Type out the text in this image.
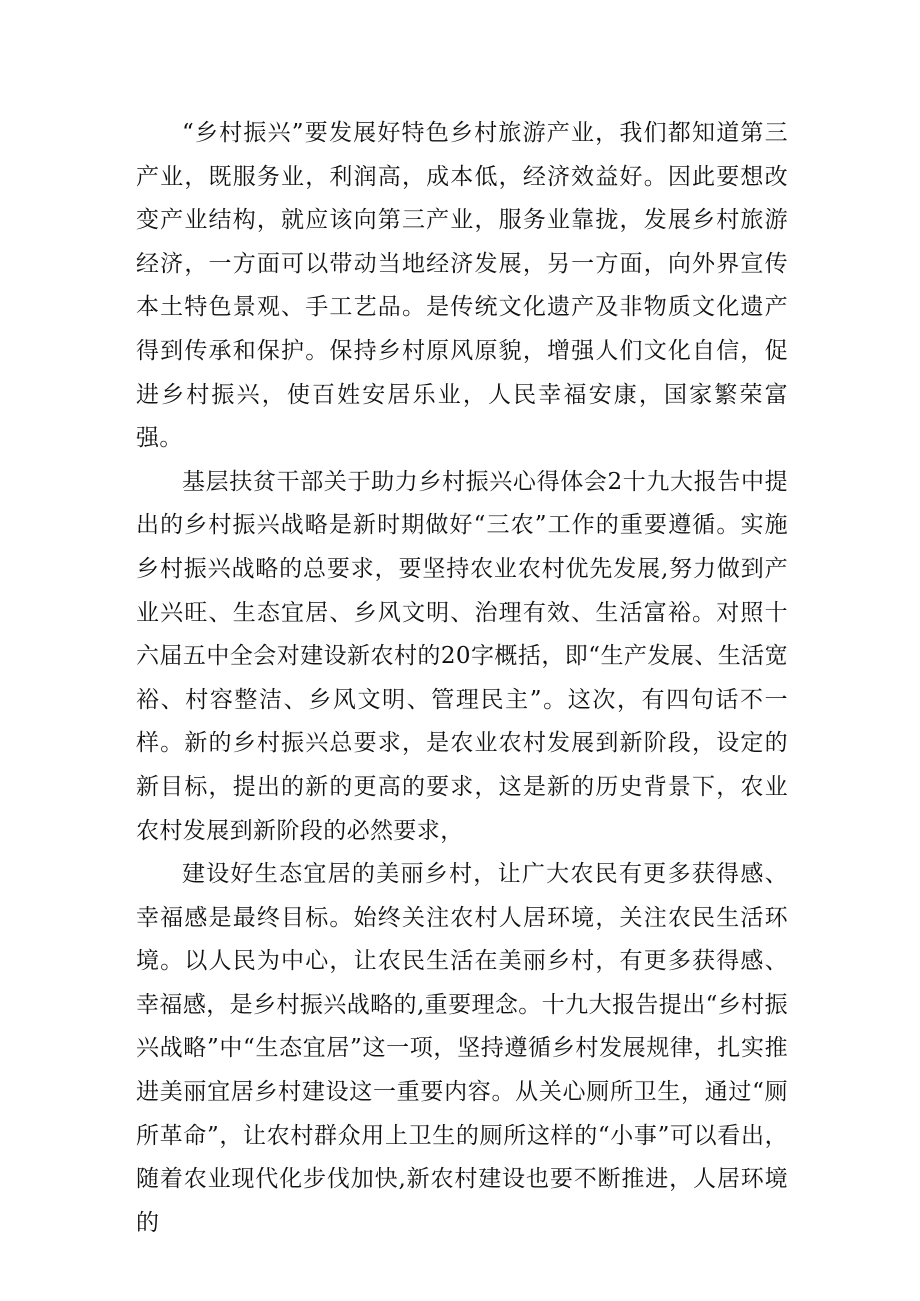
“乡村振兴”要发展好特色乡村旅游产业，我们都知道第三产业，既服务业，利润高，成本低，经济效益好。因此要想改变产业结构，就应该向第三产业，服务业靠拢，发展乡村旅游经济，一方面可以带动当地经济发展，另一方面，向外界宣传本土特色景观、手工艺品。是传统文化遗产及非物质文化遗产得到传承和保护。保持乡村原风原貌，增强人们文化自信，促进乡村振兴，使百姓安居乐业，人民幸福安康，国家繁荣富强。

基层扶贫干部关于助力乡村振兴心得体会2十九大报告中提出的乡村振兴战略是新时期做好“三农”工作的重要遵循。实施乡村振兴战略的总要求，要坚持农业农村优先发展,努力做到产业兴旺、生态宜居、乡风文明、治理有效、生活富裕。对照十六届五中全会对建设新农村的20字概括，即“生产发展、生活宽裕、村容整洁、乡风文明、管理民主”。这次，有四句话不一样。新的乡村振兴总要求，是农业农村发展到新阶段，设定的新目标，提出的新的更高的要求，这是新的历史背景下，农业农村发展到新阶段的必然要求，

建设好生态宜居的美丽乡村，让广大农民有更多获得感、幸福感是最终目标。始终关注农村人居环境，关注农民生活环境。以人民为中心，让农民生活在美丽乡村，有更多获得感、幸福感，是乡村振兴战略的,重要理念。十九大报告提出“乡村振兴战略”中“生态宜居”这一项，坚持遵循乡村发展规律，扎实推进美丽宜居乡村建设这一重要内容。从关心厕所卫生，通过“厕所革命”，让农村群众用上卫生的厕所这样的“小事”可以看出，随着农业现代化步伐加快,新农村建设也要不断推进，人居环境的
